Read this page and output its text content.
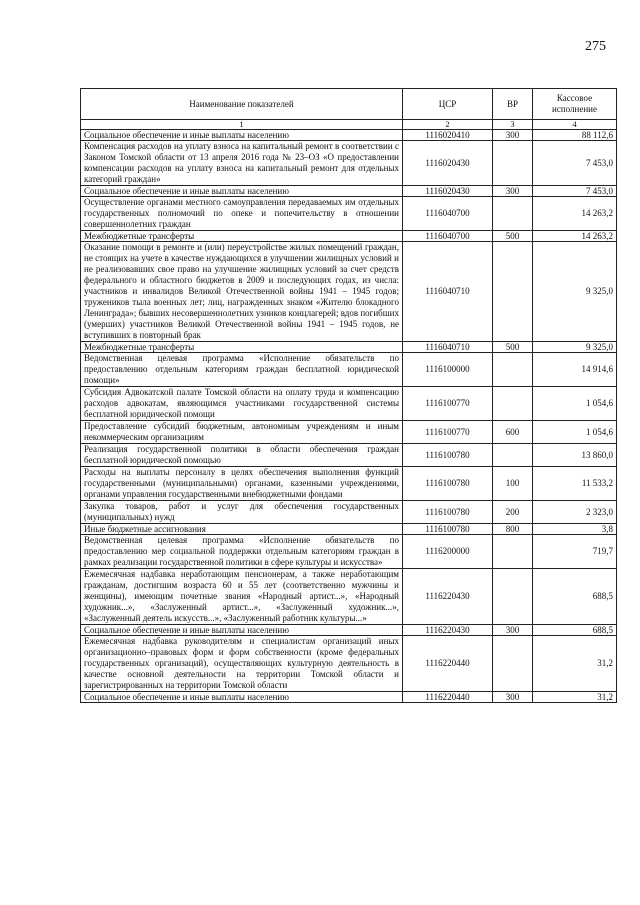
275
Наименование показателей	ЦСР	ВР	Кассовое исполнение
1	2	3	4
Социальное обеспечение и иные выплаты населению	1116020410	300	88 112,6
Компенсация расходов на уплату взноса на капитальный ремонт в соответствии с Законом Томской области от 13 апреля 2016 года № 23–ОЗ «О предоставлении компенсации расходов на уплату взноса на капитальный ремонт для отдельных категорий граждан»	1116020430		7 453,0
Социальное обеспечение и иные выплаты населению	1116020430	300	7 453,0
Осуществление органами местного самоуправления передаваемых им отдельных государственных полномочий по опеке и попечительству в отношении совершеннолетних граждан	1116040700		14 263,2
Межбюджетные трансферты	1116040700	500	14 263,2
Оказание помощи в ремонте и (или) переустройстве жилых помещений граждан, не стоящих на учете в качестве нуждающихся в улучшении жилищных условий и не реализовавших свое право на улучшение жилищных условий за счет средств федерального и областного бюджетов в 2009 и последующих годах, из числа: участников и инвалидов Великой Отечественной войны 1941 – 1945 годов; тружеников тыла военных лет; лиц, награжденных знаком «Жителю блокадного Ленинграда»; бывших несовершеннолетних узников концлагерей; вдов погибших (умерших) участников Великой Отечественной войны 1941 – 1945 годов, не вступивших в повторный брак	1116040710		9 325,0
Межбюджетные трансферты	1116040710	500	9 325,0
Ведомственная целевая программа «Исполнение обязательств по предоставлению отдельным категориям граждан бесплатной юридической помощи»	1116100000		14 914,6
Субсидия Адвокатской палате Томской области на оплату труда и компенсацию расходов адвокатам, являющимся участниками государственной системы бесплатной юридической помощи	1116100770		1 054,6
Предоставление субсидий бюджетным, автономным учреждениям и иным некоммерческим организациям	1116100770	600	1 054,6
Реализация государственной политики в области обеспечения граждан бесплатной юридической помощью	1116100780		13 860,0
Расходы на выплаты персоналу в целях обеспечения выполнения функций государственными (муниципальными) органами, казенными учреждениями, органами управления государственными внебюджетными фондами	1116100780	100	11 533,2
Закупка товаров, работ и услуг для обеспечения государственных (муниципальных) нужд	1116100780	200	2 323,0
Иные бюджетные ассигнования	1116100780	800	3,8
Ведомственная целевая программа «Исполнение обязательств по предоставлению мер социальной поддержки отдельным категориям граждан в рамках реализации государственной политики в сфере культуры и искусства»	1116200000		719,7
Ежемесячная надбавка неработающим пенсионерам, а также неработающим гражданам, достигшим возраста 60 и 55 лет (соответственно мужчины и женщины), имеющим почетные звания «Народный артист...», «Народный художник...», «Заслуженный артист...», «Заслуженный художник...», «Заслуженный деятель искусств...», «Заслуженный работник культуры...»	1116220430		688,5
Социальное обеспечение и иные выплаты населению	1116220430	300	688,5
Ежемесячная надбавка руководителям и специалистам организаций иных организационно–правовых форм и форм собственности (кроме федеральных государственных организаций), осуществляющих культурную деятельность в качестве основной деятельности на территории Томской области и зарегистрированных на территории Томской области	1116220440		31,2
Социальное обеспечение и иные выплаты населению	1116220440	300	31,2
